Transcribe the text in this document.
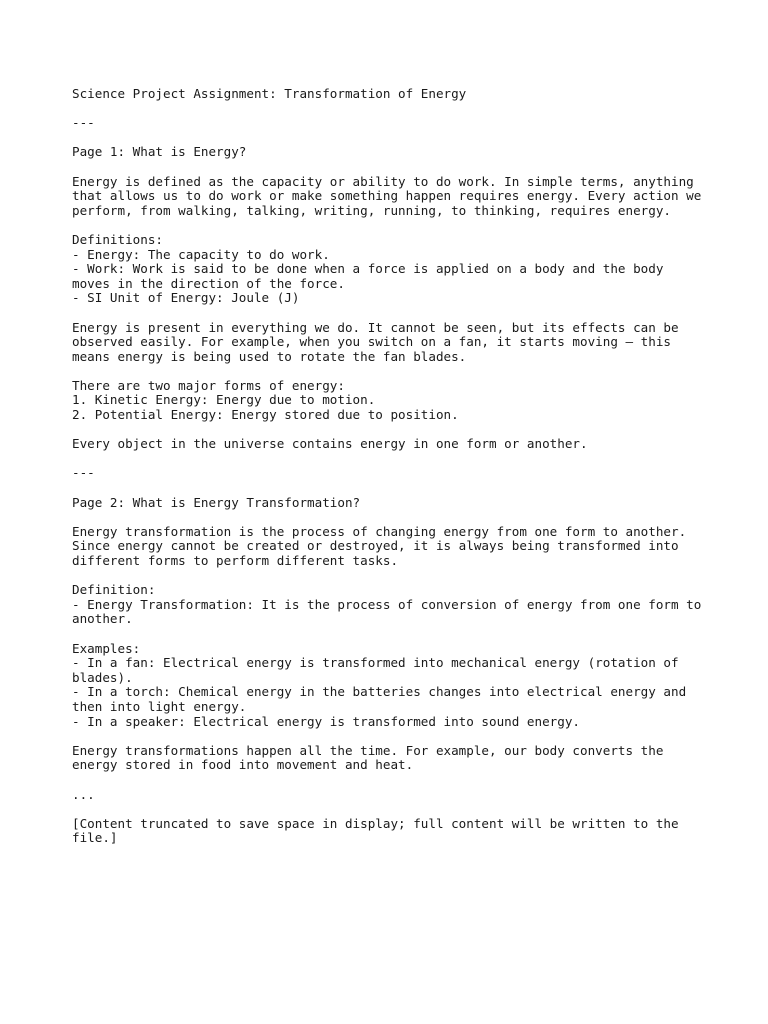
Science Project Assignment: Transformation of Energy
---
Page 1: What is Energy?
Energy is defined as the capacity or ability to do work. In simple terms, anything
that allows us to do work or make something happen requires energy. Every action we
perform, from walking, talking, writing, running, to thinking, requires energy.
Definitions:
- Energy: The capacity to do work.
- Work: Work is said to be done when a force is applied on a body and the body
moves in the direction of the force.
- SI Unit of Energy: Joule (J)
Energy is present in everything we do. It cannot be seen, but its effects can be
observed easily. For example, when you switch on a fan, it starts moving — this
means energy is being used to rotate the fan blades.
There are two major forms of energy:
1. Kinetic Energy: Energy due to motion.
2. Potential Energy: Energy stored due to position.
Every object in the universe contains energy in one form or another.
---
Page 2: What is Energy Transformation?
Energy transformation is the process of changing energy from one form to another.
Since energy cannot be created or destroyed, it is always being transformed into
different forms to perform different tasks.
Definition:
- Energy Transformation: It is the process of conversion of energy from one form to
another.
Examples:
- In a fan: Electrical energy is transformed into mechanical energy (rotation of
blades).
- In a torch: Chemical energy in the batteries changes into electrical energy and
then into light energy.
- In a speaker: Electrical energy is transformed into sound energy.
Energy transformations happen all the time. For example, our body converts the
energy stored in food into movement and heat.
...
[Content truncated to save space in display; full content will be written to the
file.]
